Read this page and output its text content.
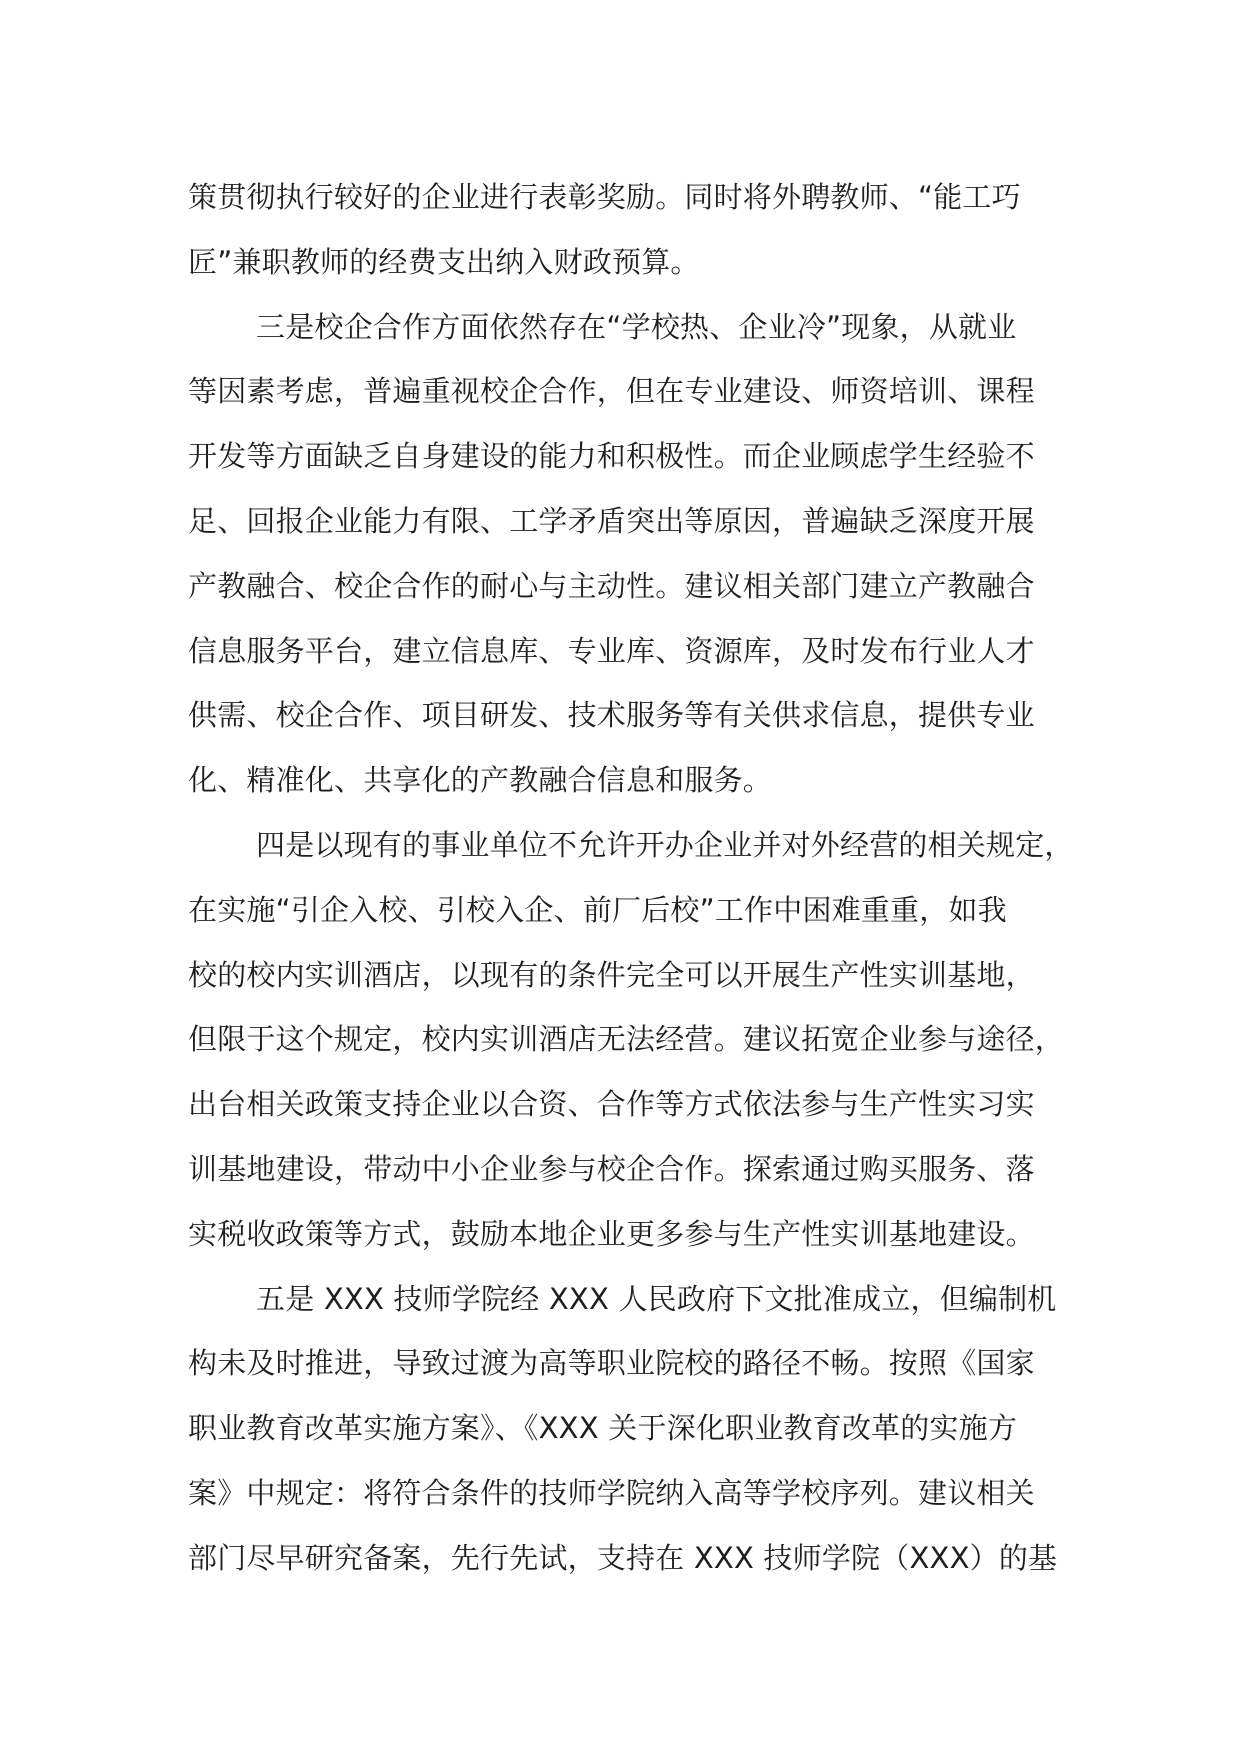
策贯彻执行较好的企业进行表彰奖励。同时将外聘教师、“能工巧
匠”兼职教师的经费支出纳入财政预算。
三是校企合作方面依然存在“学校热、企业冷”现象，从就业
等因素考虑，普遍重视校企合作，但在专业建设、师资培训、课程
开发等方面缺乏自身建设的能力和积极性。而企业顾虑学生经验不
足、回报企业能力有限、工学矛盾突出等原因，普遍缺乏深度开展
产教融合、校企合作的耐心与主动性。建议相关部门建立产教融合
信息服务平台，建立信息库、专业库、资源库，及时发布行业人才
供需、校企合作、项目研发、技术服务等有关供求信息，提供专业
化、精准化、共享化的产教融合信息和服务。
四是以现有的事业单位不允许开办企业并对外经营的相关规定，
在实施“引企入校、引校入企、前厂后校”工作中困难重重，如我
校的校内实训酒店，以现有的条件完全可以开展生产性实训基地，
但限于这个规定，校内实训酒店无法经营。建议拓宽企业参与途径，
出台相关政策支持企业以合资、合作等方式依法参与生产性实习实
训基地建设，带动中小企业参与校企合作。探索通过购买服务、落
实税收政策等方式，鼓励本地企业更多参与生产性实训基地建设。
五是 XXX 技师学院经 XXX 人民政府下文批准成立，但编制机
构未及时推进，导致过渡为高等职业院校的路径不畅。按照《国家
职业教育改革实施方案》、《XXX 关于深化职业教育改革的实施方
案》中规定：将符合条件的技师学院纳入高等学校序列。建议相关
部门尽早研究备案，先行先试，支持在 XXX 技师学院（XXX）的基
